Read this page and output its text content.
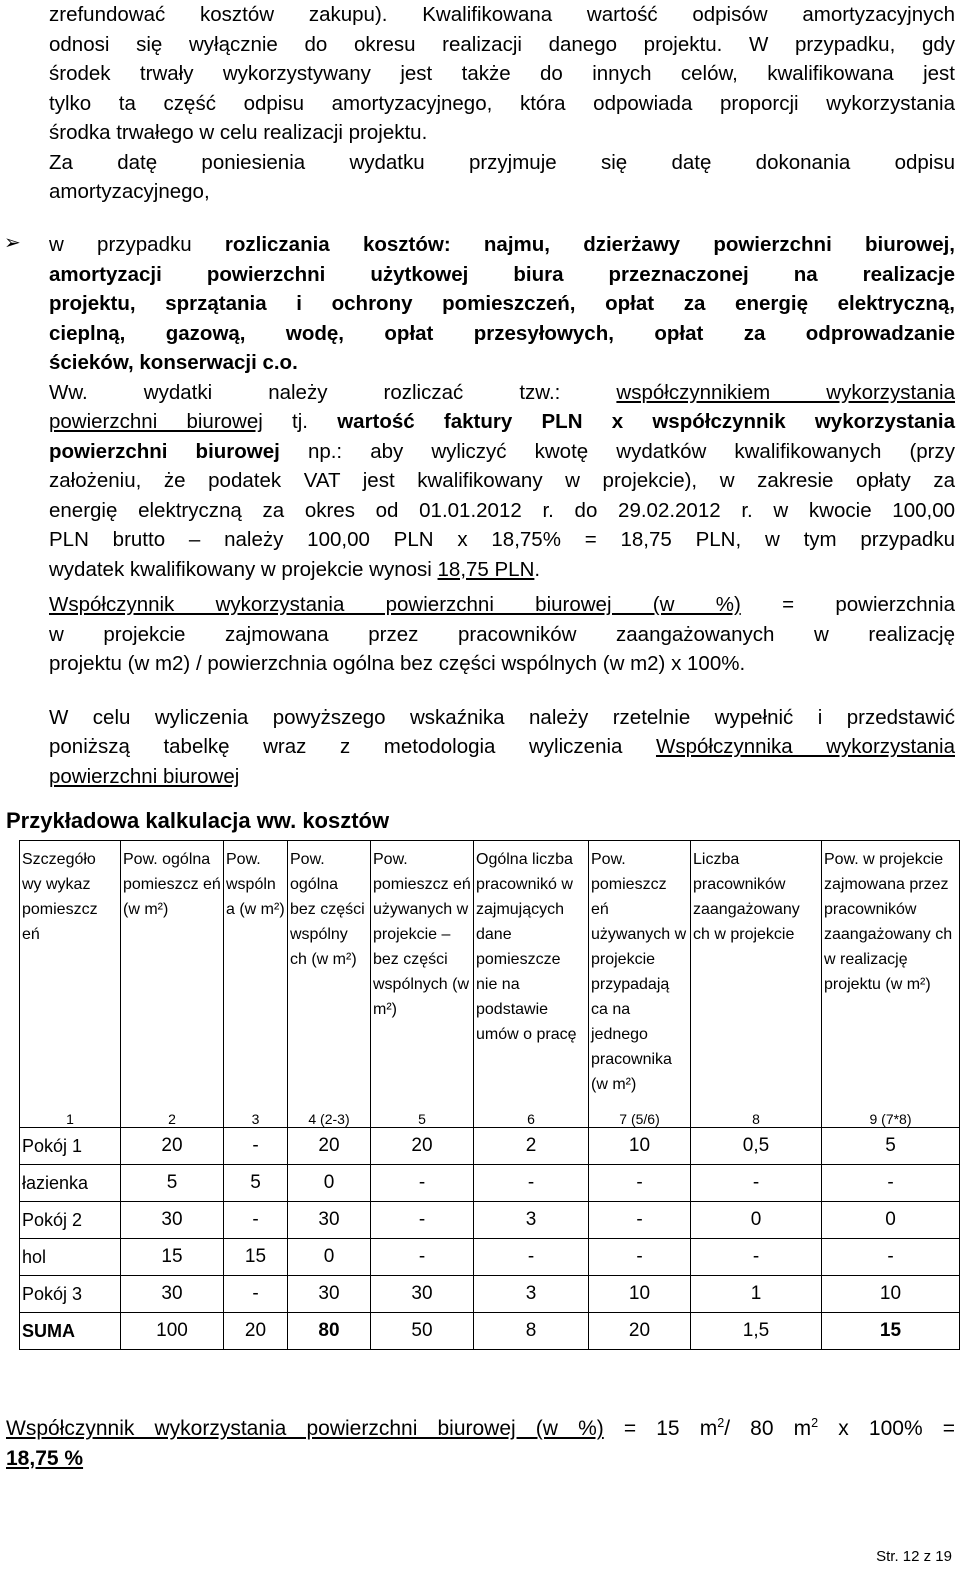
zrefundować kosztów zakupu). Kwalifikowana wartość odpisów amortyzacyjnych
odnosi się wyłącznie do okresu realizacji danego projektu. W przypadku, gdy
środek trwały wykorzystywany jest także do innych celów, kwalifikowana jest
tylko ta część odpisu amortyzacyjnego, która odpowiada proporcji wykorzystania
środka trwałego w celu realizacji projektu.
Za datę poniesienia wydatku przyjmuje się datę dokonania odpisu
amortyzacyjnego,
➢ w przypadku rozliczania kosztów: najmu, dzierżawy powierzchni biurowej,
amortyzacji powierzchni użytkowej biura przeznaczonej na realizacje
projektu, sprzątania i ochrony pomieszczeń, opłat za energię elektryczną,
cieplną, gazową, wodę, opłat przesyłowych, opłat za odprowadzanie
ścieków, konserwacji c.o.
Ww. wydatki należy rozliczać tzw.: współczynnikiem wykorzystania
powierzchni biurowej tj. wartość faktury PLN x współczynnik wykorzystania
powierzchni biurowej np.: aby wyliczyć kwotę wydatków kwalifikowanych (przy
założeniu, że podatek VAT jest kwalifikowany w projekcie), w zakresie opłaty za
energię elektryczną za okres od 01.01.2012 r. do 29.02.2012 r. w kwocie 100,00
PLN brutto – należy 100,00 PLN x 18,75% = 18,75 PLN, w tym przypadku
wydatek kwalifikowany w projekcie wynosi 18,75 PLN.
Współczynnik wykorzystania powierzchni biurowej (w %) = powierzchnia
w projekcie zajmowana przez pracowników zaangażowanych w realizację
projektu (w m2) / powierzchnia ogólna bez części wspólnych (w m2) x 100%.
W celu wyliczenia powyższego wskaźnika należy rzetelnie wypełnić i przedstawić
poniższą tabelkę wraz z metodologia wyliczenia Współczynnika wykorzystania
powierzchni biurowej
Przykładowa kalkulacja ww. kosztów
Szczegóło wy wykaz pomieszcz eń	Pow. ogólna pomieszcz eń (w m²)	Pow. wspóln a (w m²)	Pow. ogólna bez części wspólny ch (w m²)	Pow. pomieszcz eń używanych w projekcie – bez części wspólnych (w m²)	Ogólna liczba pracownikó w zajmujących dane pomieszcze nie na podstawie umów o pracę	Pow. pomieszcz eń używanych w projekcie przypadają ca na jednego pracownika (w m²)	Liczba pracowników zaangażowany ch w projekcie	Pow. w projekcie zajmowana przez pracowników zaangażowany ch w realizację projektu (w m²)
1	2	3	4 (2-3)	5	6	7 (5/6)	8	9 (7*8)
Pokój 1	20	-	20	20	2	10	0,5	5
łazienka	5	5	0	-	-	-	-	-
Pokój 2	30	-	30	-	3	-	0	0
hol	15	15	0	-	-	-	-	-
Pokój 3	30	-	30	30	3	10	1	10
SUMA	100	20	80	50	8	20	1,5	15
Współczynnik wykorzystania powierzchni biurowej (w %) = 15 $m^2/$ 80 $m^2$ x 100% =
18,75 %
Str. 12 z 19
